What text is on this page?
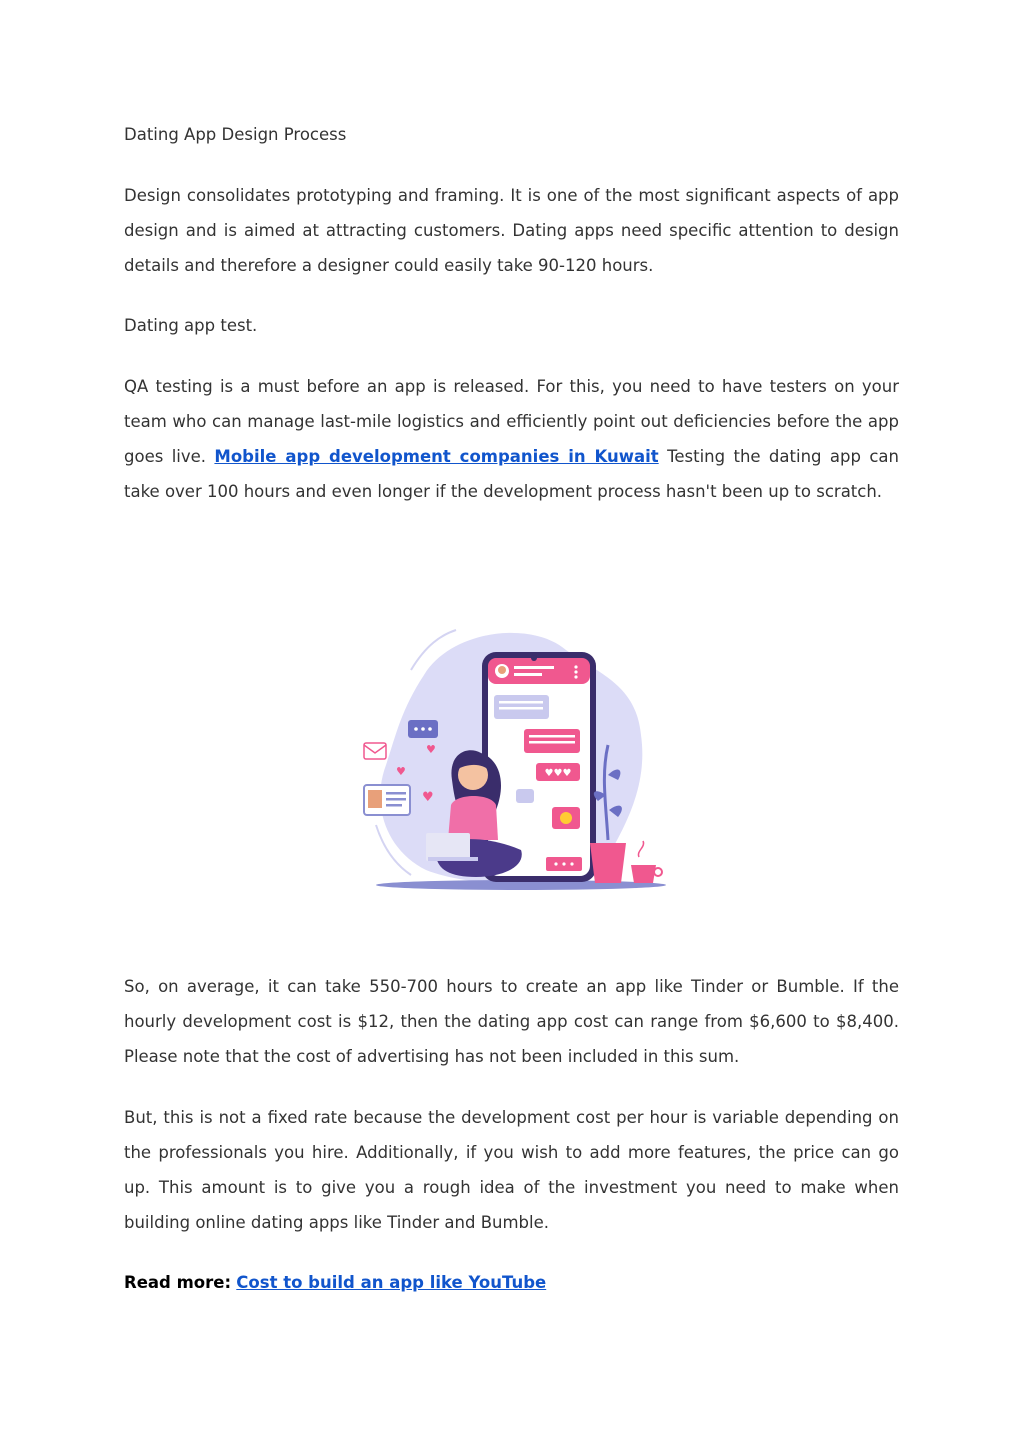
Dating App Design Process

Design consolidates prototyping and framing. It is one of the most significant aspects of app design and is aimed at attracting customers. Dating apps need specific attention to design details and therefore a designer could easily take 90-120 hours.

Dating app test.

QA testing is a must before an app is released. For this, you need to have testers on your team who can manage last-mile logistics and efficiently point out deficiencies before the app goes live. Mobile app development companies in Kuwait Testing the dating app can take over 100 hours and even longer if the development process hasn't been up to scratch.

So, on average, it can take 550-700 hours to create an app like Tinder or Bumble. If the hourly development cost is $12, then the dating app cost can range from $6,600 to $8,400. Please note that the cost of advertising has not been included in this sum.

But, this is not a fixed rate because the development cost per hour is variable depending on the professionals you hire. Additionally, if you wish to add more features, the price can go up. This amount is to give you a rough idea of the investment you need to make when building online dating apps like Tinder and Bumble.

Read more: Cost to build an app like YouTube

♥♥♥
♥
♥
♥
